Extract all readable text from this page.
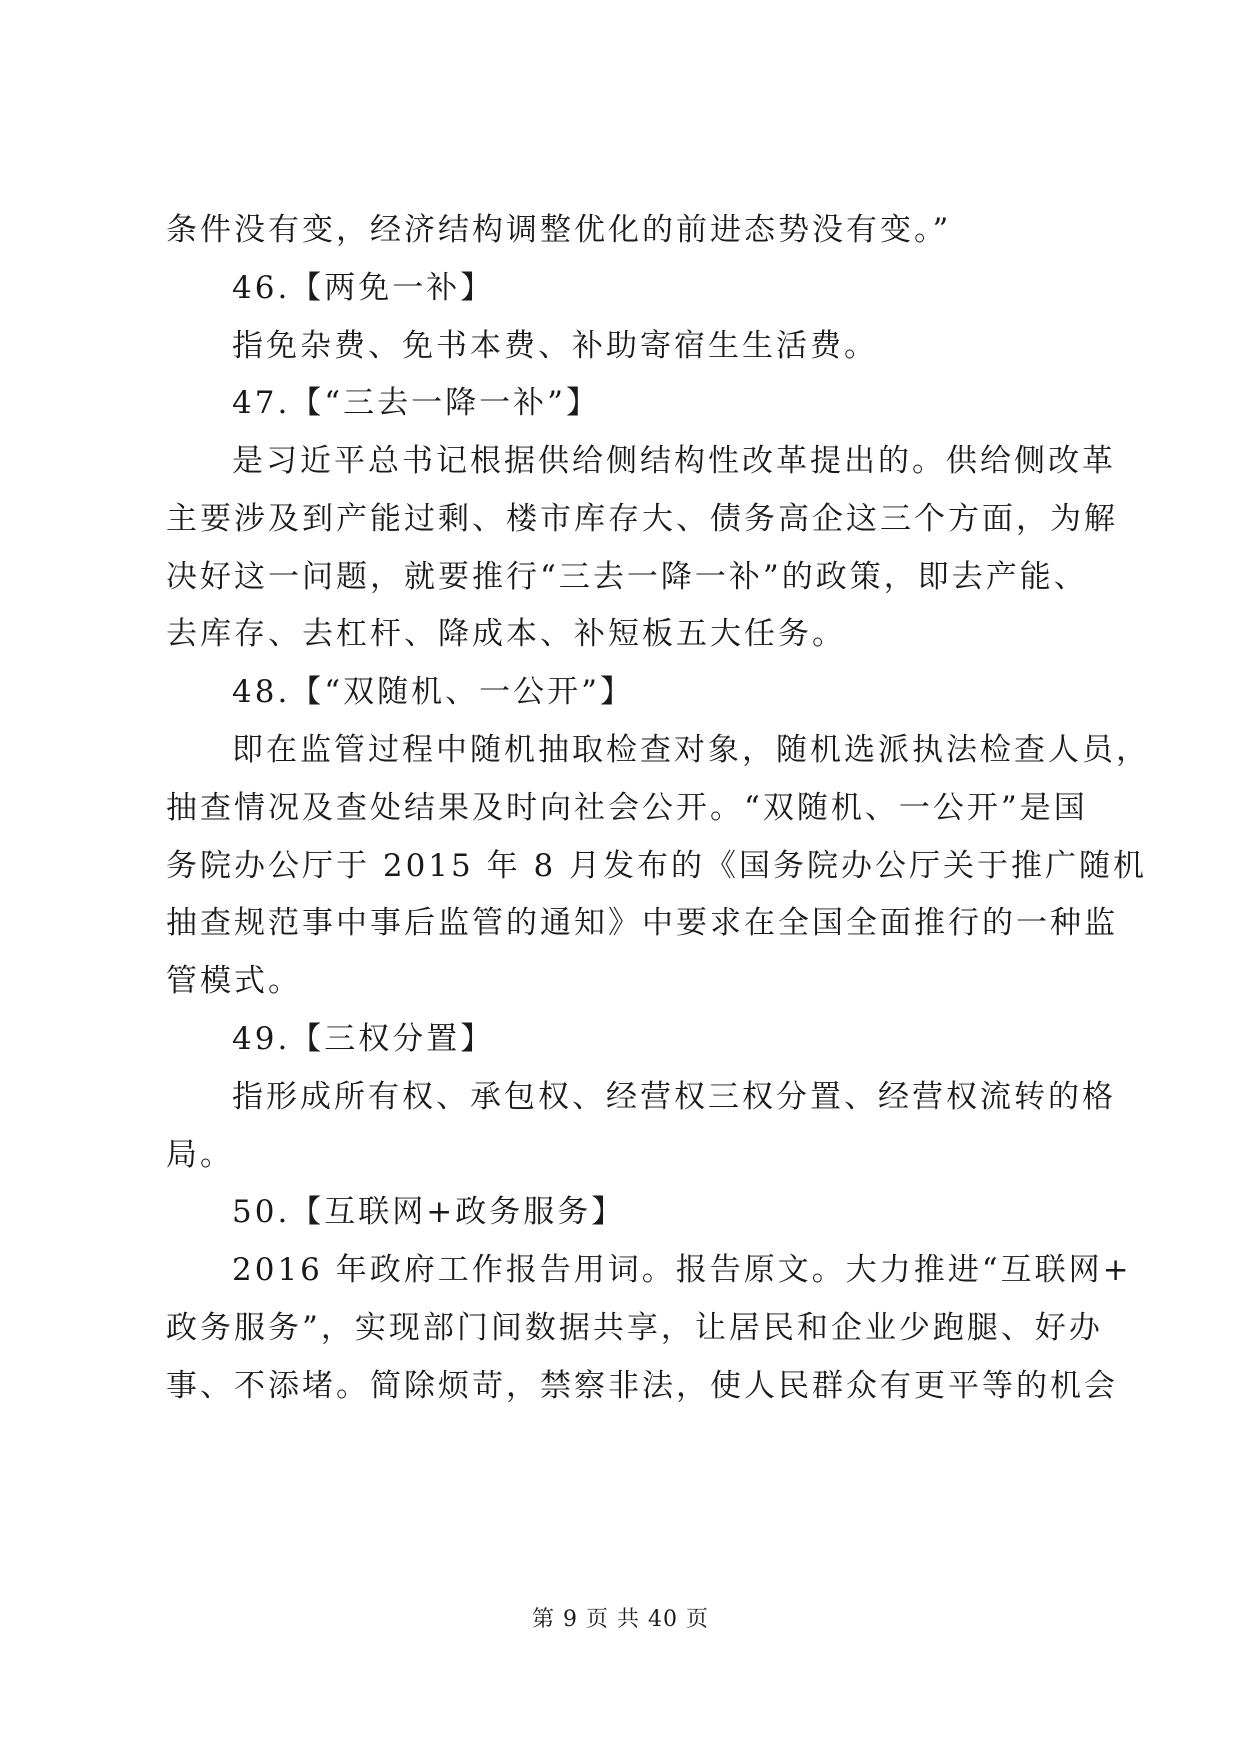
条件没有变，经济结构调整优化的前进态势没有变。”
46.【两免一补】
指免杂费、免书本费、补助寄宿生生活费。
47.【“三去一降一补”】
是习近平总书记根据供给侧结构性改革提出的。供给侧改革
主要涉及到产能过剩、楼市库存大、债务高企这三个方面，为解
决好这一问题，就要推行“三去一降一补”的政策，即去产能、
去库存、去杠杆、降成本、补短板五大任务。
48.【“双随机、一公开”】
即在监管过程中随机抽取检查对象，随机选派执法检查人员，
抽查情况及查处结果及时向社会公开。“双随机、一公开”是国
务院办公厅于 2015 年 8 月发布的《国务院办公厅关于推广随机
抽查规范事中事后监管的通知》中要求在全国全面推行的一种监
管模式。
49.【三权分置】
指形成所有权、承包权、经营权三权分置、经营权流转的格
局。
50.【互联网+政务服务】
2016 年政府工作报告用词。报告原文。大力推进“互联网+
政务服务”，实现部门间数据共享，让居民和企业少跑腿、好办
事、不添堵。简除烦苛，禁察非法，使人民群众有更平等的机会
第 9 页 共 40 页
